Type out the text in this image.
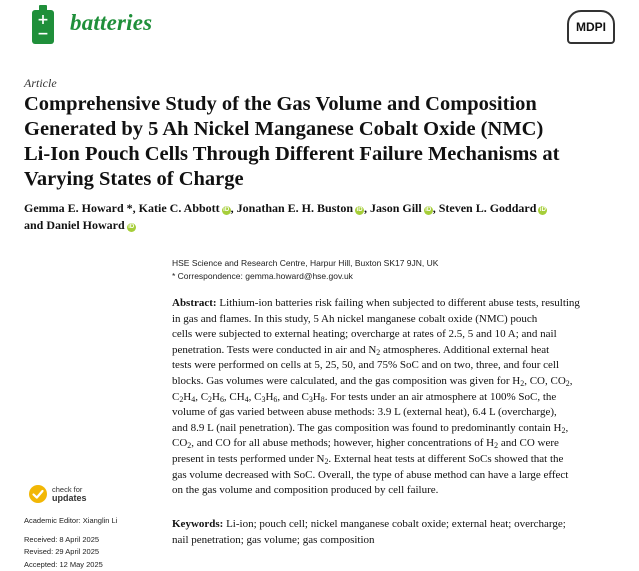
+
− batteries	MDPI
Article
Comprehensive Study of the Gas Volume and Composition
Generated by 5 Ah Nickel Manganese Cobalt Oxide (NMC)
Li-Ion Pouch Cells Through Different Failure Mechanisms at
Varying States of Charge
Gemma E. Howard *, Katie C. Abbott iD , Jonathan E. H. Buston iD , Jason Gill iD , Steven L. Goddard iD
and Daniel Howard iD
HSE Science and Research Centre, Harpur Hill, Buxton SK17 9JN, UK
* Correspondence: gemma.howard@hse.gov.uk
Abstract: Lithium-ion batteries risk failing when subjected to different abuse tests, resulting
in gas and flames. In this study, 5 Ah nickel manganese cobalt oxide (NMC) pouch
cells were subjected to external heating; overcharge at rates of 2.5, 5 and 10 A; and nail
penetration. Tests were conducted in air and $N_2$ atmospheres. Additional external heat
tests were performed on cells at 5, 25, 50, and 75% SoC and on two, three, and four cell
blocks. Gas volumes were calculated, and the gas composition was given for $H_2$, CO, $CO_2$,
$C_2H_4$, $C_2H_6$, $CH_4$, $C_3H_6$, and $C_3H_8$. For tests under an air atmosphere at 100% SoC, the
volume of gas varied between abuse methods: 3.9 L (external heat), 6.4 L (overcharge),
and 8.9 L (nail penetration). The gas composition was found to predominantly contain $H_2$,
$CO_2$, and CO for all abuse methods; however, higher concentrations of $H_2$ and CO were
present in tests performed under $N_2$. External heat tests at different SoCs showed that the
gas volume decreased with SoC. Overall, the type of abuse method can have a large effect
on the gas volume and composition produced by cell failure.
Keywords: Li-ion; pouch cell; nickel manganese cobalt oxide; external heat; overcharge;
nail penetration; gas volume; gas composition
check for
updates
Academic Editor: Xianglin Li
Received: 8 April 2025
Revised: 29 April 2025
Accepted: 12 May 2025
